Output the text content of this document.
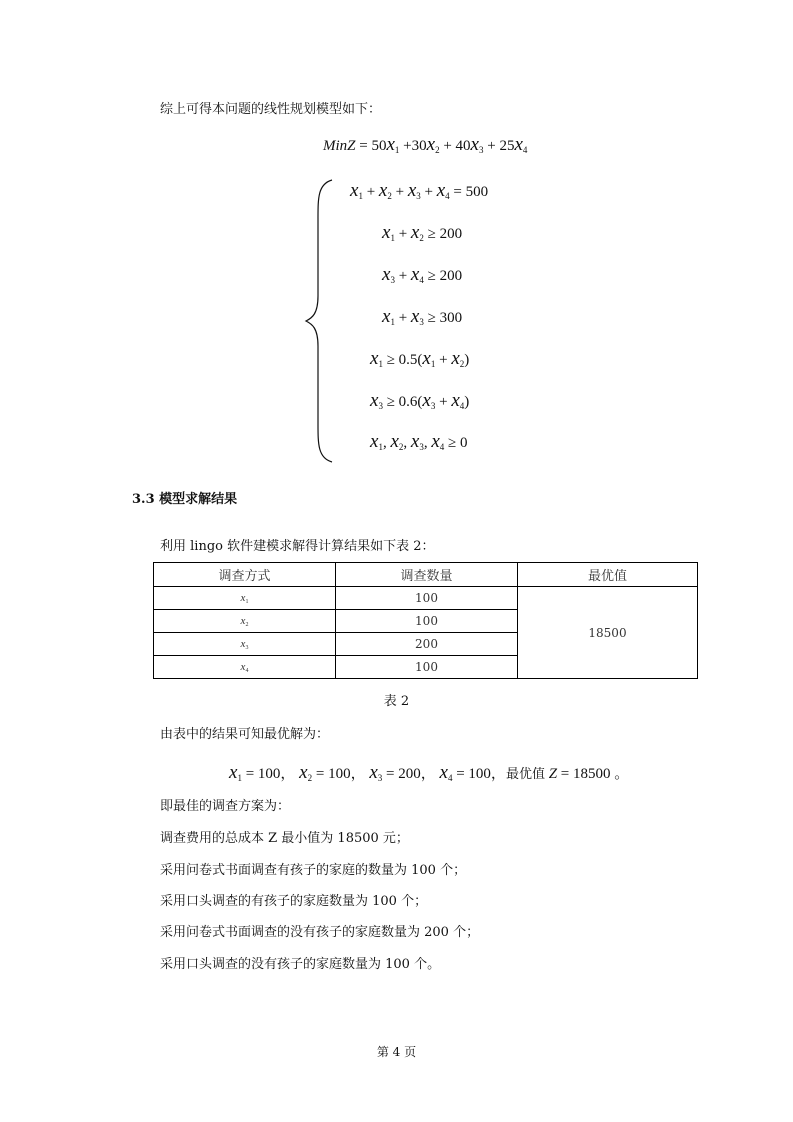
综上可得本问题的线性规划模型如下：
MinZ = $50x_1 +30x_2 + 40x_3 + 25x_4$
$x_1 + x_2 + x_3 + x_4 = 500$
$x_1 + x_2 \ge 200$
$x_3 + x_4 \ge 200$
$x_1 + x_3 \ge 300$
$x_1 \ge 0.5(x_1 + x_2)$
$x_3 \ge 0.6(x_3 + x_4)$
$x_1$, $x_2$, $x_3$, $x_4 \ge 0$
3.3 模型求解结果
利用 lingo 软件建模求解得计算结果如下表 2：
调查方式	调查数量	最优值
$x_1$	100	18500
$x_2$	100	
$x_3$	200	
$x_4$	100	
表 2
由表中的结果可知最优解为：
$x_1 = 100$， $x_2 = 100$， $x_3 = 200$， $x_4 = 100$，最优值 Z = 18500 。
即最佳的调查方案为：
调查费用的总成本 Z 最小值为 18500 元；
采用问卷式书面调查有孩子的家庭的数量为 100 个；
采用口头调查的有孩子的家庭数量为 100 个；
采用问卷式书面调查的没有孩子的家庭数量为 200 个；
采用口头调查的没有孩子的家庭数量为 100 个。
第 4 页
